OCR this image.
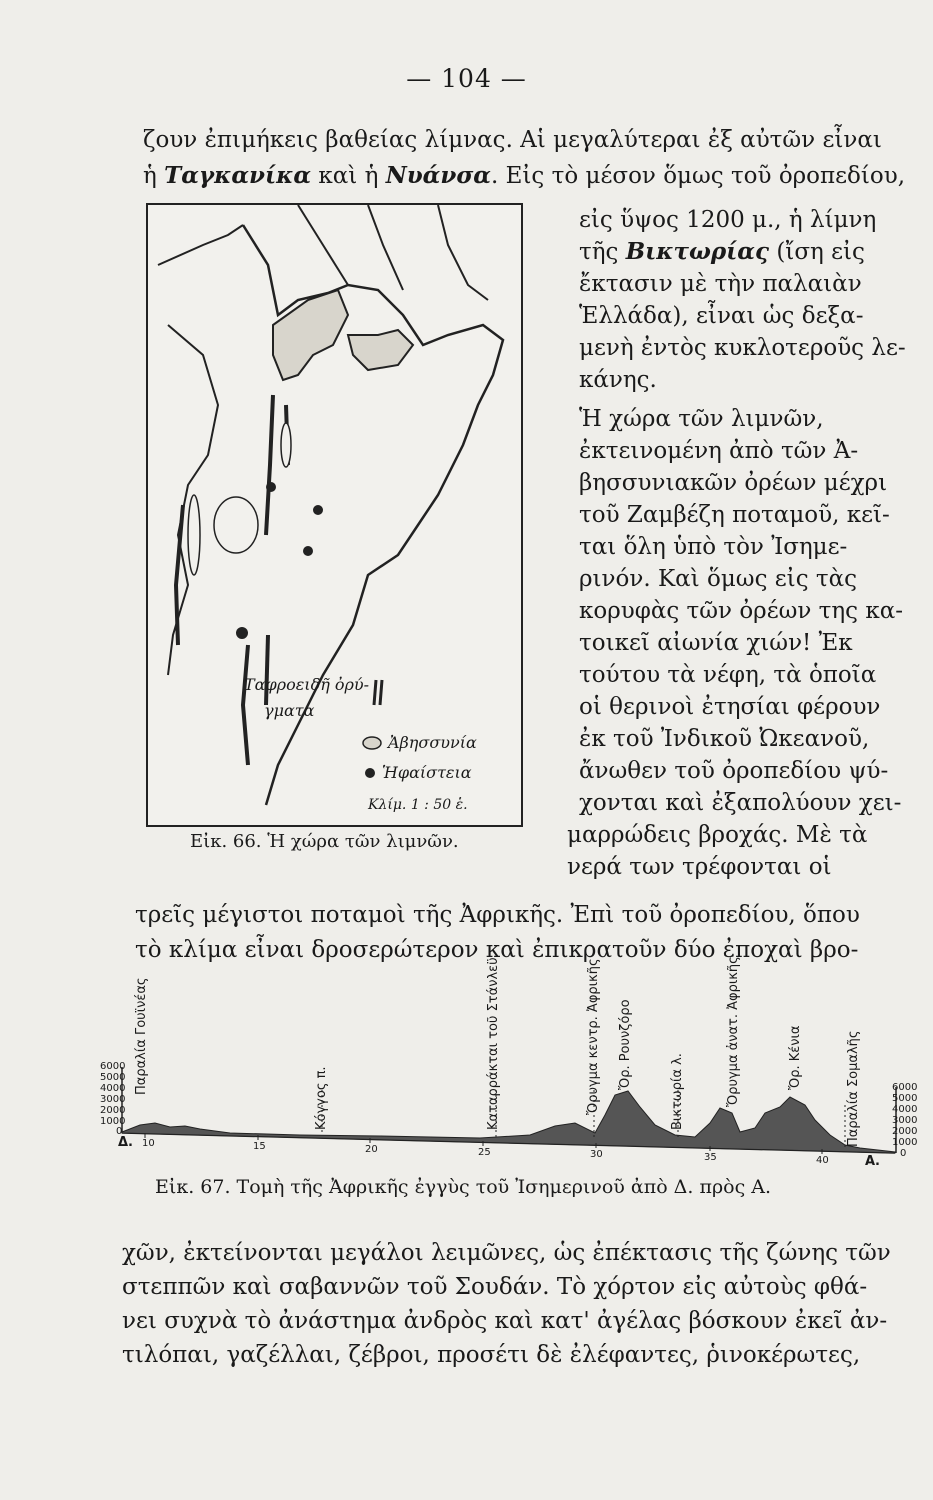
— 104 —
ζουν ἐπιμήκεις βαθείας λίμνας. Αἱ μεγαλύτεραι ἐξ αὐτῶν εἶναι
ἡ Ταγκανίκα καὶ ἡ Νυάνσα. Εἰς τὸ μέσον ὅμως τοῦ ὀροπεδίου,
Ταφροειδῆ ὀρύ-
γματα
Ἀβησσυνία
Ἡφαίστεια
Κλίμ. 1 : 50 ἑ.
Εἰκ. 66. Ἡ χώρα τῶν λιμνῶν.
εἰς ὕψος 1200 μ., ἡ λίμνη
τῆς Βικτωρίας (ἴση εἰς
ἔκτασιν μὲ τὴν παλαιὰν
Ἑλλάδα), εἶναι ὡς δεξα-
μενὴ ἐντὸς κυκλοτεροῦς λε-
κάνης.
Ἡ χώρα τῶν λιμνῶν,
ἐκτεινομένη ἀπὸ τῶν Ἀ-
βησσυνιακῶν ὀρέων μέχρι
τοῦ Ζαμβέζη ποταμοῦ, κεῖ-
ται ὅλη ὑπὸ τὸν Ἰσημε-
ρινόν. Καὶ ὅμως εἰς τὰς
κορυφὰς τῶν ὀρέων της κα-
τοικεῖ αἰωνία χιών! Ἐκ
τούτου τὰ νέφη, τὰ ὁποῖα
οἱ θερινοὶ ἐτησίαι φέρουν
ἐκ τοῦ Ἰνδικοῦ Ὠκεανοῦ,
ἄνωθεν τοῦ ὀροπεδίου ψύ-
χονται καὶ ἐξαπολύουν χει-
μαρρώδεις βροχάς. Μὲ τὰ
νερά των τρέφονται οἱ
τρεῖς μέγιστοι ποταμοὶ τῆς Ἀφρικῆς. Ἐπὶ τοῦ ὀροπεδίου, ὅπου
τὸ κλίμα εἶναι δροσερώτερον καὶ ἐπικρατοῦν δύο ἐποχαὶ βρο-
6000
5000
4000
3000
2000
1000
0
6000
5000
4000
3000
2000
1000
0
10	15	20	25	30	35	40
Δ.
Α.
Παραλία Γουϊνέας
Κόγγος π.	Καταρράκται τοῦ Στάνλεϋ	Ὄρυγμα κεντρ. Ἀφρικῆς Ὄρ. Ρουνζόρο
Βικτωρία λ.	Ὄρυγμα ἀνατ. Ἀφρικῆς	Ὄρ. Κένια	Παραλία Σομαλῆς
Εἰκ. 67. Τομὴ τῆς Ἀφρικῆς ἐγγὺς τοῦ Ἰσημερινοῦ ἀπὸ Δ. πρὸς Α.
χῶν, ἐκτείνονται μεγάλοι λειμῶνες, ὡς ἐπέκτασις τῆς ζώνης τῶν
στεππῶν καὶ σαβαννῶν τοῦ Σουδάν. Τὸ χόρτον εἰς αὐτοὺς φθά-
νει συχνὰ τὸ ἀνάστημα ἀνδρὸς καὶ κατ' ἀγέλας βόσκουν ἐκεῖ ἀν-
τιλόπαι, γαζέλλαι, ζέβροι, προσέτι δὲ ἐλέφαντες, ῥινοκέρωτες,
